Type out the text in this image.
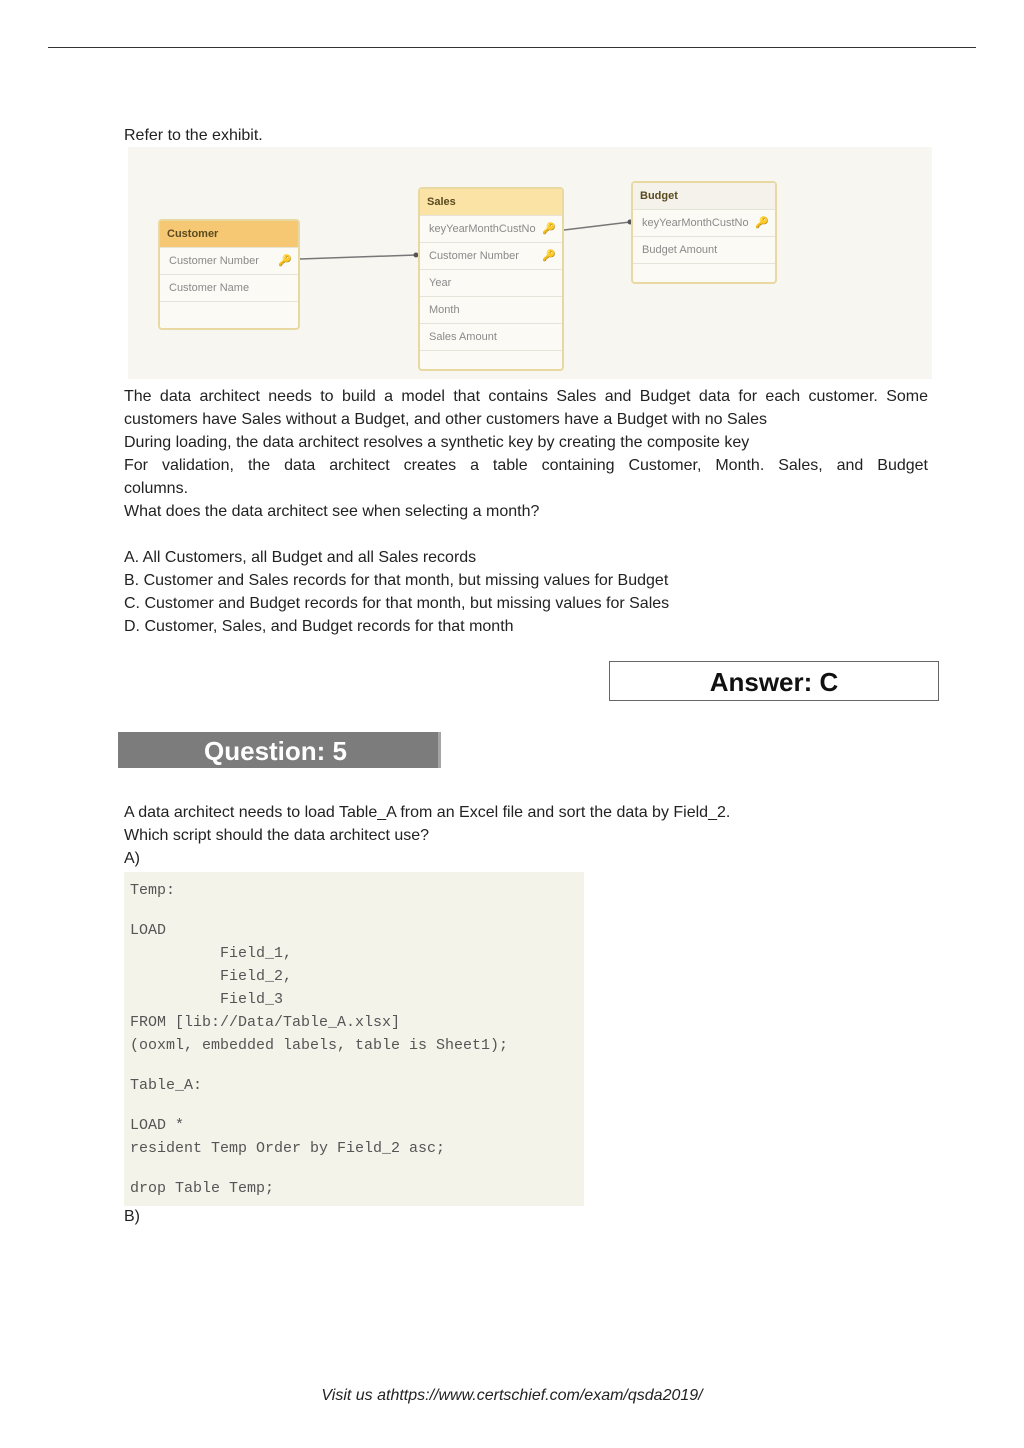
Refer to the exhibit.

Customer
Customer Number 🔑
Customer Name
Sales
keyYearMonthCustNo 🔑
Customer Number 🔑
Year
Month
Sales Amount
Budget
keyYearMonthCustNo 🔑
Budget Amount

The data architect needs to build a model that contains Sales and Budget data for each customer. Some

customers have Sales without a Budget, and other customers have a Budget with no Sales

During loading, the data architect resolves a synthetic key by creating the composite key

For validation, the data architect creates a table containing Customer, Month. Sales, and Budget

columns.

What does the data architect see when selecting a month?

A. All Customers, all Budget and all Sales records

B. Customer and Sales records for that month, but missing values for Budget

C. Customer and Budget records for that month, but missing values for Sales

D. Customer, Sales, and Budget records for that month

Answer: C
Question: 5

A data architect needs to load Table_A from an Excel file and sort the data by Field_2.

Which script should the data architect use?

A)

Temp:
LOAD
Field_1,
Field_2,
Field_3
FROM [lib://Data/Table_A.xlsx]
(ooxml, embedded labels, table is Sheet1);
Table_A:
LOAD *
resident Temp Order by Field_2 asc;
drop Table Temp;

B)

Visit us athttps://www.certschief.com/exam/qsda2019/
